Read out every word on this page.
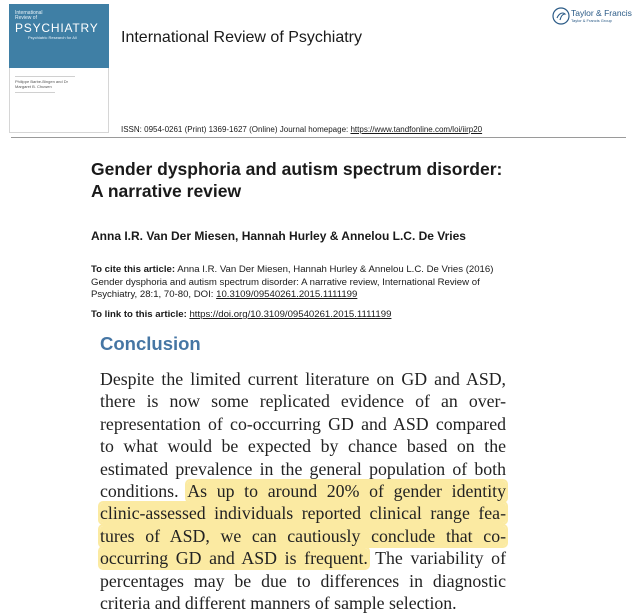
International
Review of
PSYCHIATRY
Psychiatric Research for All
Philippe Barbe-Bingen and Dr Margaret B. Chuwen
International Review of Psychiatry
Taylor & Francis
Taylor & Francis Group
ISSN: 0954-0261 (Print) 1369-1627 (Online) Journal homepage: https://www.tandfonline.com/loi/iirp20
Gender dysphoria and autism spectrum disorder:
A narrative review
Anna I.R. Van Der Miesen, Hannah Hurley & Annelou L.C. De Vries
To cite this article: Anna I.R. Van Der Miesen, Hannah Hurley & Annelou L.C. De Vries (2016)
Gender dysphoria and autism spectrum disorder: A narrative review, International Review of
Psychiatry, 28:1, 70-80, DOI: 10.3109/09540261.2015.1111199
To link to this article: https://doi.org/10.3109/09540261.2015.1111199
Conclusion
Despite the limited current literature on GD and ASD,
there is now some replicated evidence of an over-
representation of co-occurring GD and ASD compared
to what would be expected by chance based on the
estimated prevalence in the general population of both
conditions. As up to around 20% of gender identity
clinic-assessed individuals reported clinical range fea-
tures of ASD, we can cautiously conclude that co-
occurring GD and ASD is frequent. The variability of
percentages may be due to differences in diagnostic
criteria and different manners of sample selection.
